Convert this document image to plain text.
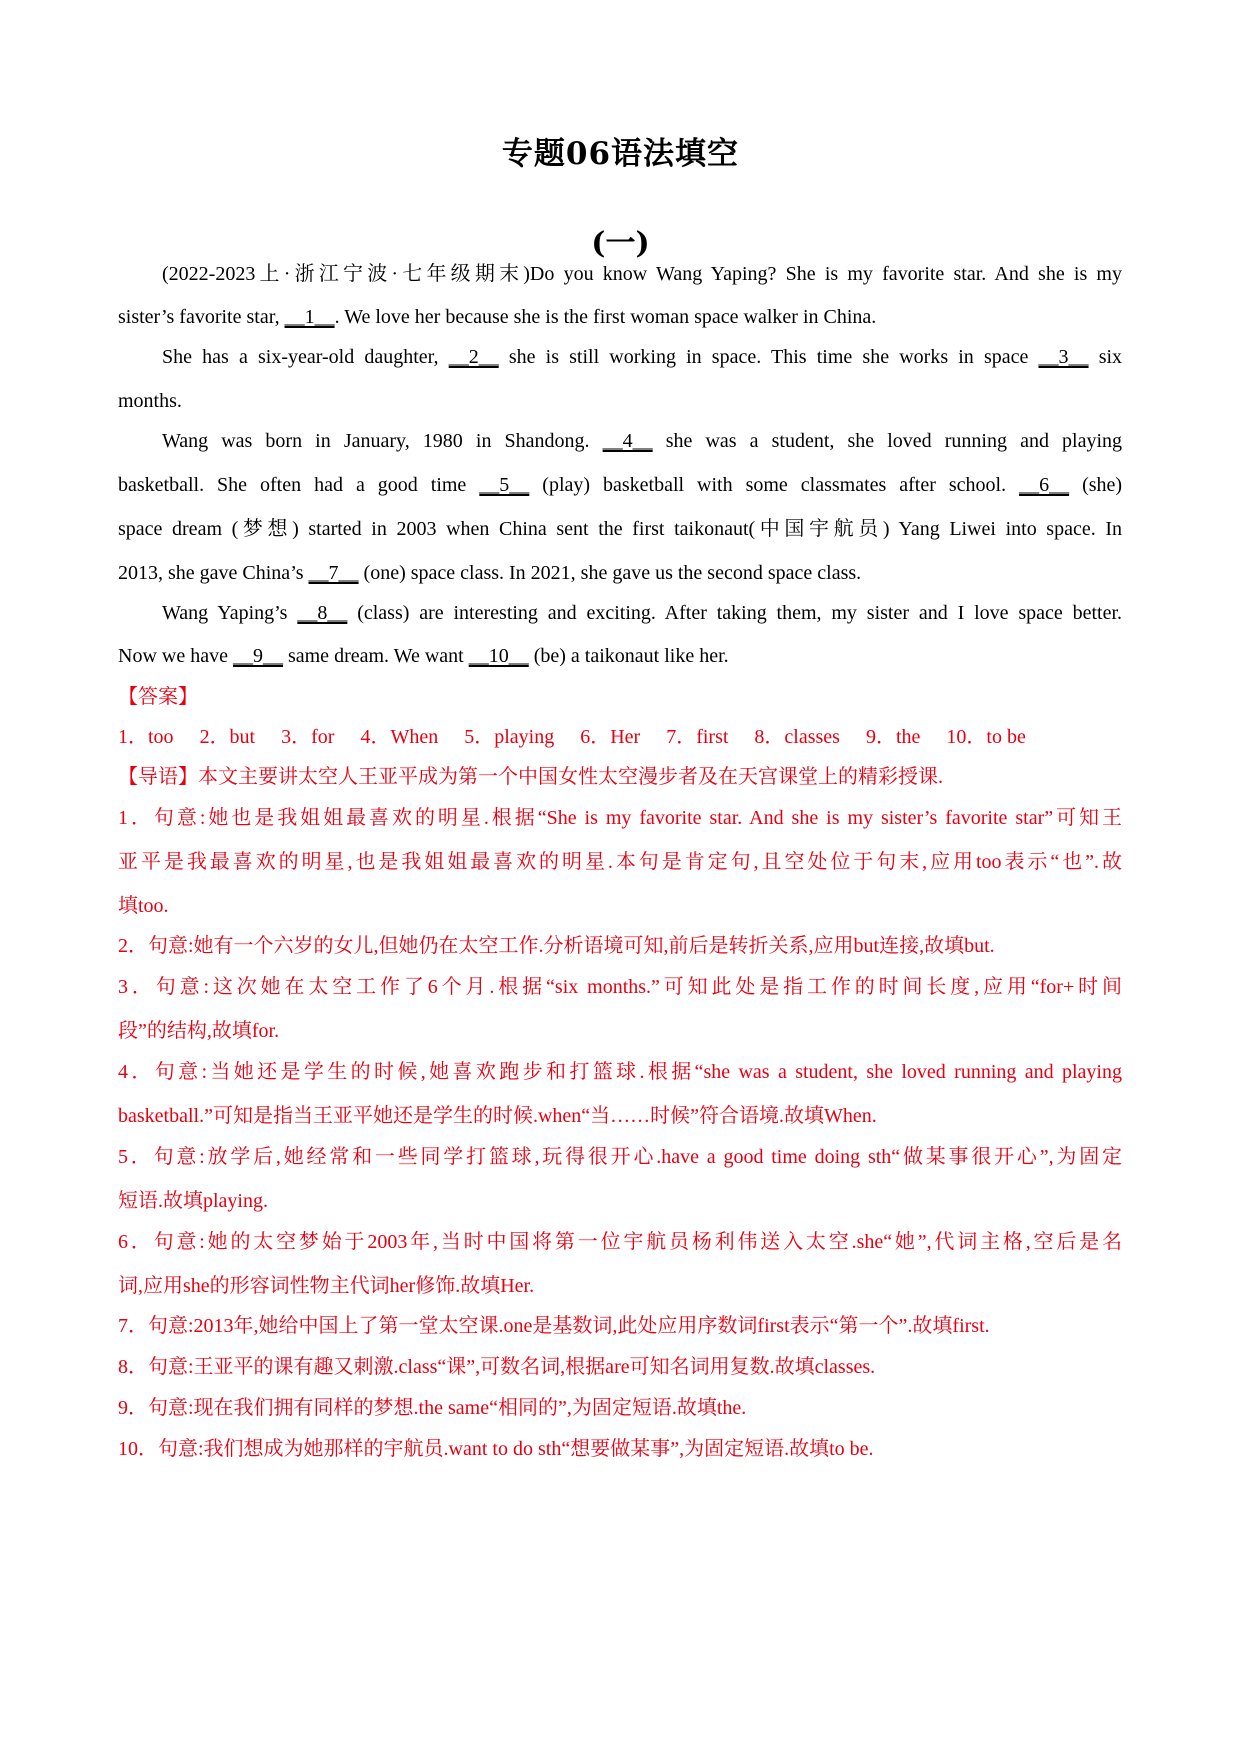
专题06语法填空
(一)
(2022-2023上·浙江宁波·七年级期末)Do you know Wang Yaping? She is my favorite star. And she is my
sister’s favorite star, __1__. We love her because she is the first woman space walker in China.
She has a six-year-old daughter, __2__ she is still working in space. This time she works in space __3__ six
months.
Wang was born in January, 1980 in Shandong. __4__ she was a student, she loved running and playing
basketball. She often had a good time __5__ (play) basketball with some classmates after school. __6__ (she)
space dream (梦想) started in 2003 when China sent the first taikonaut(中国宇航员) Yang Liwei into space. In
2013, she gave China’s __7__ (one) space class. In 2021, she gave us the second space class.
Wang Yaping’s __8__ (class) are interesting and exciting. After taking them, my sister and I love space better.
Now we have __9__ same dream. We want __10__ (be) a taikonaut like her.
【答案】
1．too 2．but 3．for 4．When 5．playing 6．Her 7．first 8．classes 9．the 10．to be
【导语】本文主要讲太空人王亚平成为第一个中国女性太空漫步者及在天宫课堂上的精彩授课.
1．句意:她也是我姐姐最喜欢的明星.根据“She is my favorite star. And she is my sister’s favorite star”可知王
亚平是我最喜欢的明星,也是我姐姐最喜欢的明星.本句是肯定句,且空处位于句末,应用too表示“也”.故
填too.
2．句意:她有一个六岁的女儿,但她仍在太空工作.分析语境可知,前后是转折关系,应用but连接,故填but.
3．句意:这次她在太空工作了6个月.根据“six months.”可知此处是指工作的时间长度,应用“for+时间
段”的结构,故填for.
4．句意:当她还是学生的时候,她喜欢跑步和打篮球.根据“she was a student, she loved running and playing
basketball.”可知是指当王亚平她还是学生的时候.when“当……时候”符合语境.故填When.
5．句意:放学后,她经常和一些同学打篮球,玩得很开心.have a good time doing sth“做某事很开心”,为固定
短语.故填playing.
6．句意:她的太空梦始于2003年,当时中国将第一位宇航员杨利伟送入太空.she“她”,代词主格,空后是名
词,应用she的形容词性物主代词her修饰.故填Her.
7．句意:2013年,她给中国上了第一堂太空课.one是基数词,此处应用序数词first表示“第一个”.故填first.
8．句意:王亚平的课有趣又刺激.class“课”,可数名词,根据are可知名词用复数.故填classes.
9．句意:现在我们拥有同样的梦想.the same“相同的”,为固定短语.故填the.
10．句意:我们想成为她那样的宇航员.want to do sth“想要做某事”,为固定短语.故填to be.
